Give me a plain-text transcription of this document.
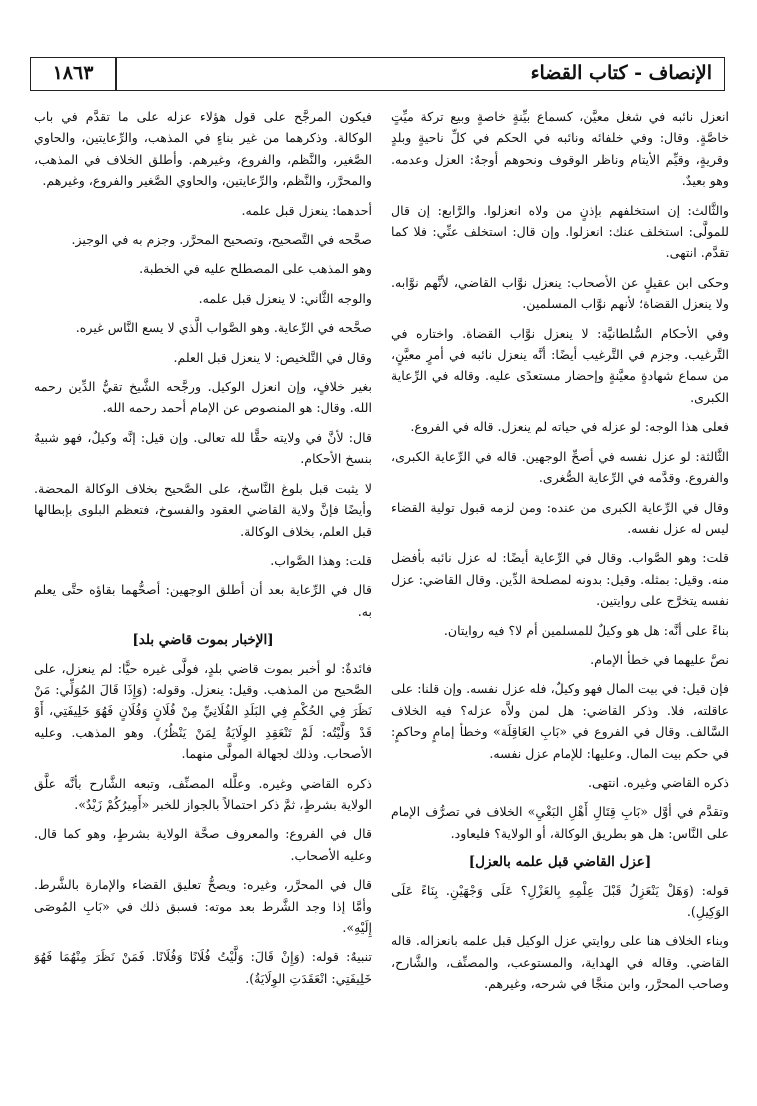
الإنصاف - كتاب القضاء
١٨٦٣

انعزل نائبه في شغل معيَّن، كسماع بيِّنةٍ خاصةٍ وبيع تركة ميِّتٍ خاصَّةٍ. وقال: وفي خلفائه ونائبه في الحكم في كلِّ ناحيةٍ وبلدٍ وقريةٍ، وقيِّم الأيتام وناظر الوقوف ونحوهم أوجهٌ: العزل وعدمه. وهو بعيدٌ.

والثَّالث: إن استخلفهم بإذنٍ من ولاه انعزلوا. والرَّابع: إن قال للمولَّى: استخلف عنك: انعزلوا. وإن قال: استخلف عنِّي: فلا كما تقدَّم. انتهى.

وحكى ابن عقيلٍ عن الأصحاب: ينعزل نوَّاب القاضي، لأنَّهم نوَّابه. ولا ينعزل القضاة؛ لأنهم نوَّاب المسلمين.

وفي الأحكام السُّلطانيَّة: لا ينعزل نوَّاب القضاة. واختاره في التَّرغيب. وجزم في التَّرغيب أيضًا: أنَّه ينعزل نائبه في أمرٍ معيَّنٍ، من سماع شهادةٍ معيَّنةٍ وإحضار مستعدًى عليه. وقاله في الرِّعاية الكبرى.

فعلى هذا الوجه: لو عزله في حياته لم ينعزل. قاله في الفروع.

الثَّالثة: لو عزل نفسه في أصحِّ الوجهين. قاله في الرِّعاية الكبرى، والفروع. وقدَّمه في الرِّعاية الصُّغرى.

وقال في الرِّعاية الكبرى من عنده: ومن لزمه قبول تولية القضاء ليس له عزل نفسه.

قلت: وهو الصَّواب. وقال في الرِّعاية أيضًا: له عزل نائبه بأفضل منه. وقيل: بمثله. وقيل: بدونه لمصلحة الدِّين. وقال القاضي: عزل نفسه يتخرَّج على روايتين.

بناءً على أنَّه: هل هو وكيلٌ للمسلمين أم لا؟ فيه روايتان.

نصَّ عليهما في خطأ الإمام.

فإن قيل: في بيت المال فهو وكيلٌ، فله عزل نفسه. وإن قلنا: على عاقلته، فلا. وذكر القاضي: هل لمن ولاَّه عزله؟ فيه الخلاف السَّالف. وقال في الفروع في «بَابِ العَاقِلَة» وخطأ إمامٍ وحاكمٍ: في حكم بيت المال. وعليها: للإمام عزل نفسه.

ذكره القاضي وغيره. انتهى.

وتقدَّم في أوَّل «بَابِ قِتَالِ أَهْلِ البَغْيِ» الخلاف في تصرُّف الإمام على النَّاس: هل هو بطريق الوكالة، أو الولاية؟ فليعاود.

[عزل القاضي قبل علمه بالعزل]

قوله: (وَهَلْ يَنْعَزِلُ قَبْلَ عِلْمِهِ بِالعَزْلِ؟ عَلَى وَجْهَيْنِ. بِنَاءً عَلَى الوَكِيلِ).

وبناء الخلاف هنا على روايتي عزل الوكيل قبل علمه بانعزاله. قاله القاضي. وقاله في الهداية، والمستوعب، والمصنِّف، والشَّارح، وصاحب المحرَّر، وابن منجَّا في شرحه، وغيرهم.

فيكون المرجَّح على قول هؤلاء عزله على ما تقدَّم في باب الوكالة. وذكرهما من غير بناءٍ في المذهب، والرِّعايتين، والحاوي الصَّغير، والنَّظم، والفروع، وغيرهم. وأطلق الخلاف في المذهب، والمحرَّر، والنَّظم، والرِّعايتين، والحاوي الصَّغير والفروع، وغيرهم.

أحدهما: ينعزل قبل علمه.

صحَّحه في التَّصحيح، وتصحيح المحرَّر. وجزم به في الوجيز.

وهو المذهب على المصطلح عليه في الخطبة.

والوجه الثَّاني: لا ينعزل قبل علمه.

صحَّحه في الرِّعاية. وهو الصَّواب الَّذي لا يسع النَّاس غيره.

وقال في التَّلخيص: لا ينعزل قبل العلم.

بغير خلافٍ، وإن انعزل الوكيل. ورجَّحه الشَّيخ تقيُّ الدِّين رحمه الله. وقال: هو المنصوص عن الإمام أحمد رحمه الله.

قال: لأنَّ في ولايته حقًّا لله تعالى. وإن قيل: إنَّه وكيلٌ، فهو شبيهٌ بنسخ الأحكام.

لا يثبت قبل بلوغ النَّاسخ، على الصَّحيح بخلاف الوكالة المحضة. وأيضًا فإنَّ ولاية القاضي العقود والفسوخ، فتعظم البلوى بإبطالها قبل العلم، بخلاف الوكالة.

قلت: وهذا الصَّواب.

قال في الرِّعاية بعد أن أطلق الوجهين: أصحُّهما بقاؤه حتَّى يعلم به.

[الإخبار بموت قاضي بلد]

فائدةٌ: لو أخبر بموت قاضي بلدٍ، فولَّى غيره حيًّا: لم ينعزل، على الصَّحيح من المذهب. وقيل: ينعزل. وقوله: (وَإِذَا قَالَ المُوَلِّي: مَنْ نَظَرَ فِي الحُكْمِ فِي البَلَدِ الفُلَانِيِّ مِنْ فُلَانٍ وَفُلَانٍ فَهُوَ خَلِيفَتِي، أَوْ قَدْ وَلَّيْتُه: لَمْ تَنْعَقِدِ الوِلَايَةُ لِمَنْ يَنْظُرُ). وهو المذهب. وعليه الأصحاب. وذلك لجهالة المولَّى منهما.

ذكره القاضي وغيره. وعلَّله المصنِّف، وتبعه الشَّارح بأنَّه علَّق الولاية بشرطٍ، ثمَّ ذكر احتمالاً بالجواز للخبر «أَمِيرُكُمْ زَيْدٌ».

قال في الفروع: والمعروف صحَّة الولاية بشرطٍ، وهو كما قال. وعليه الأصحاب.

قال في المحرَّر، وغيره: ويصحُّ تعليق القضاء والإمارة بالشَّرط. وأمَّا إذا وجد الشَّرط بعد موته: فسبق ذلك في «بَابِ المُوصَى إِلَيْهِ».

تنبيهٌ: قوله: (وَإِنْ قَالَ: وَلَّيْتُ فُلَانًا وَفُلَانًا. فَمَنْ نَظَرَ مِنْهُمَا فَهُوَ خَلِيفَتِي: انْعَقَدَتِ الوِلَايَةُ).
